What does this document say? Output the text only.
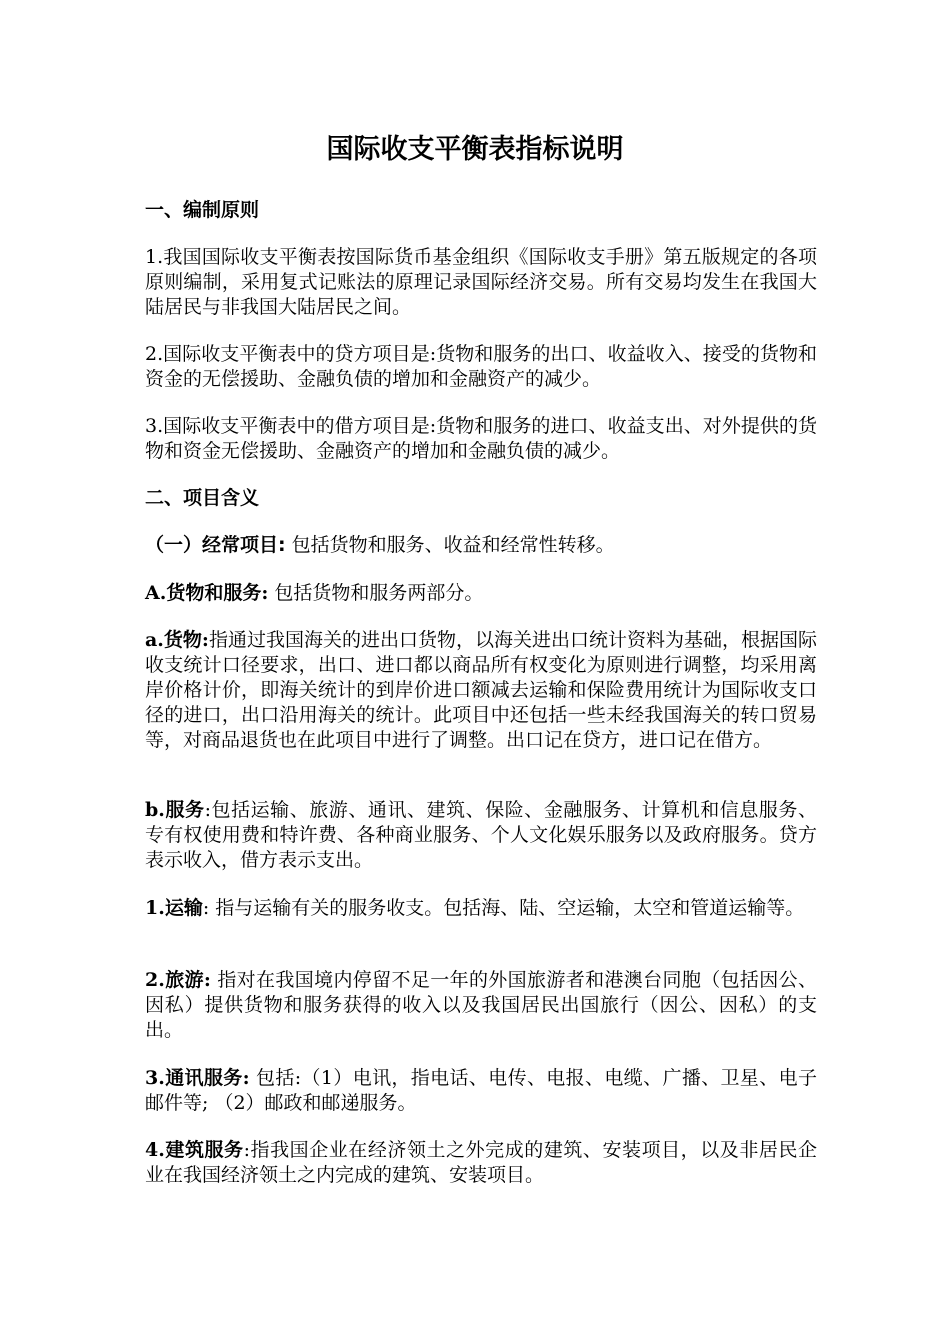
国际收支平衡表指标说明
一、编制原则

1.我国国际收支平衡表按国际货币基金组织《国际收支手册》第五版规定的各项原则编制，采用复式记账法的原理记录国际经济交易。所有交易均发生在我国大陆居民与非我国大陆居民之间。

2.国际收支平衡表中的贷方项目是:货物和服务的出口、收益收入、接受的货物和资金的无偿援助、金融负债的增加和金融资产的减少。

3.国际收支平衡表中的借方项目是:货物和服务的进口、收益支出、对外提供的货物和资金无偿援助、金融资产的增加和金融负债的减少。

二、项目含义

（一）经常项目: 包括货物和服务、收益和经常性转移。

A.货物和服务: 包括货物和服务两部分。

a.货物:指通过我国海关的进出口货物，以海关进出口统计资料为基础，根据国际收支统计口径要求，出口、进口都以商品所有权变化为原则进行调整，均采用离岸价格计价，即海关统计的到岸价进口额减去运输和保险费用统计为国际收支口径的进口，出口沿用海关的统计。此项目中还包括一些未经我国海关的转口贸易等，对商品退货也在此项目中进行了调整。出口记在贷方，进口记在借方。

b.服务:包括运输、旅游、通讯、建筑、保险、金融服务、计算机和信息服务、专有权使用费和特许费、各种商业服务、个人文化娱乐服务以及政府服务。贷方表示收入，借方表示支出。

1.运输: 指与运输有关的服务收支。包括海、陆、空运输，太空和管道运输等。

2.旅游: 指对在我国境内停留不足一年的外国旅游者和港澳台同胞（包括因公、因私）提供货物和服务获得的收入以及我国居民出国旅行（因公、因私）的支出。

3.通讯服务: 包括:（1）电讯，指电话、电传、电报、电缆、广播、卫星、电子邮件等; （2）邮政和邮递服务。

4.建筑服务:指我国企业在经济领土之外完成的建筑、安装项目，以及非居民企业在我国经济领土之内完成的建筑、安装项目。
